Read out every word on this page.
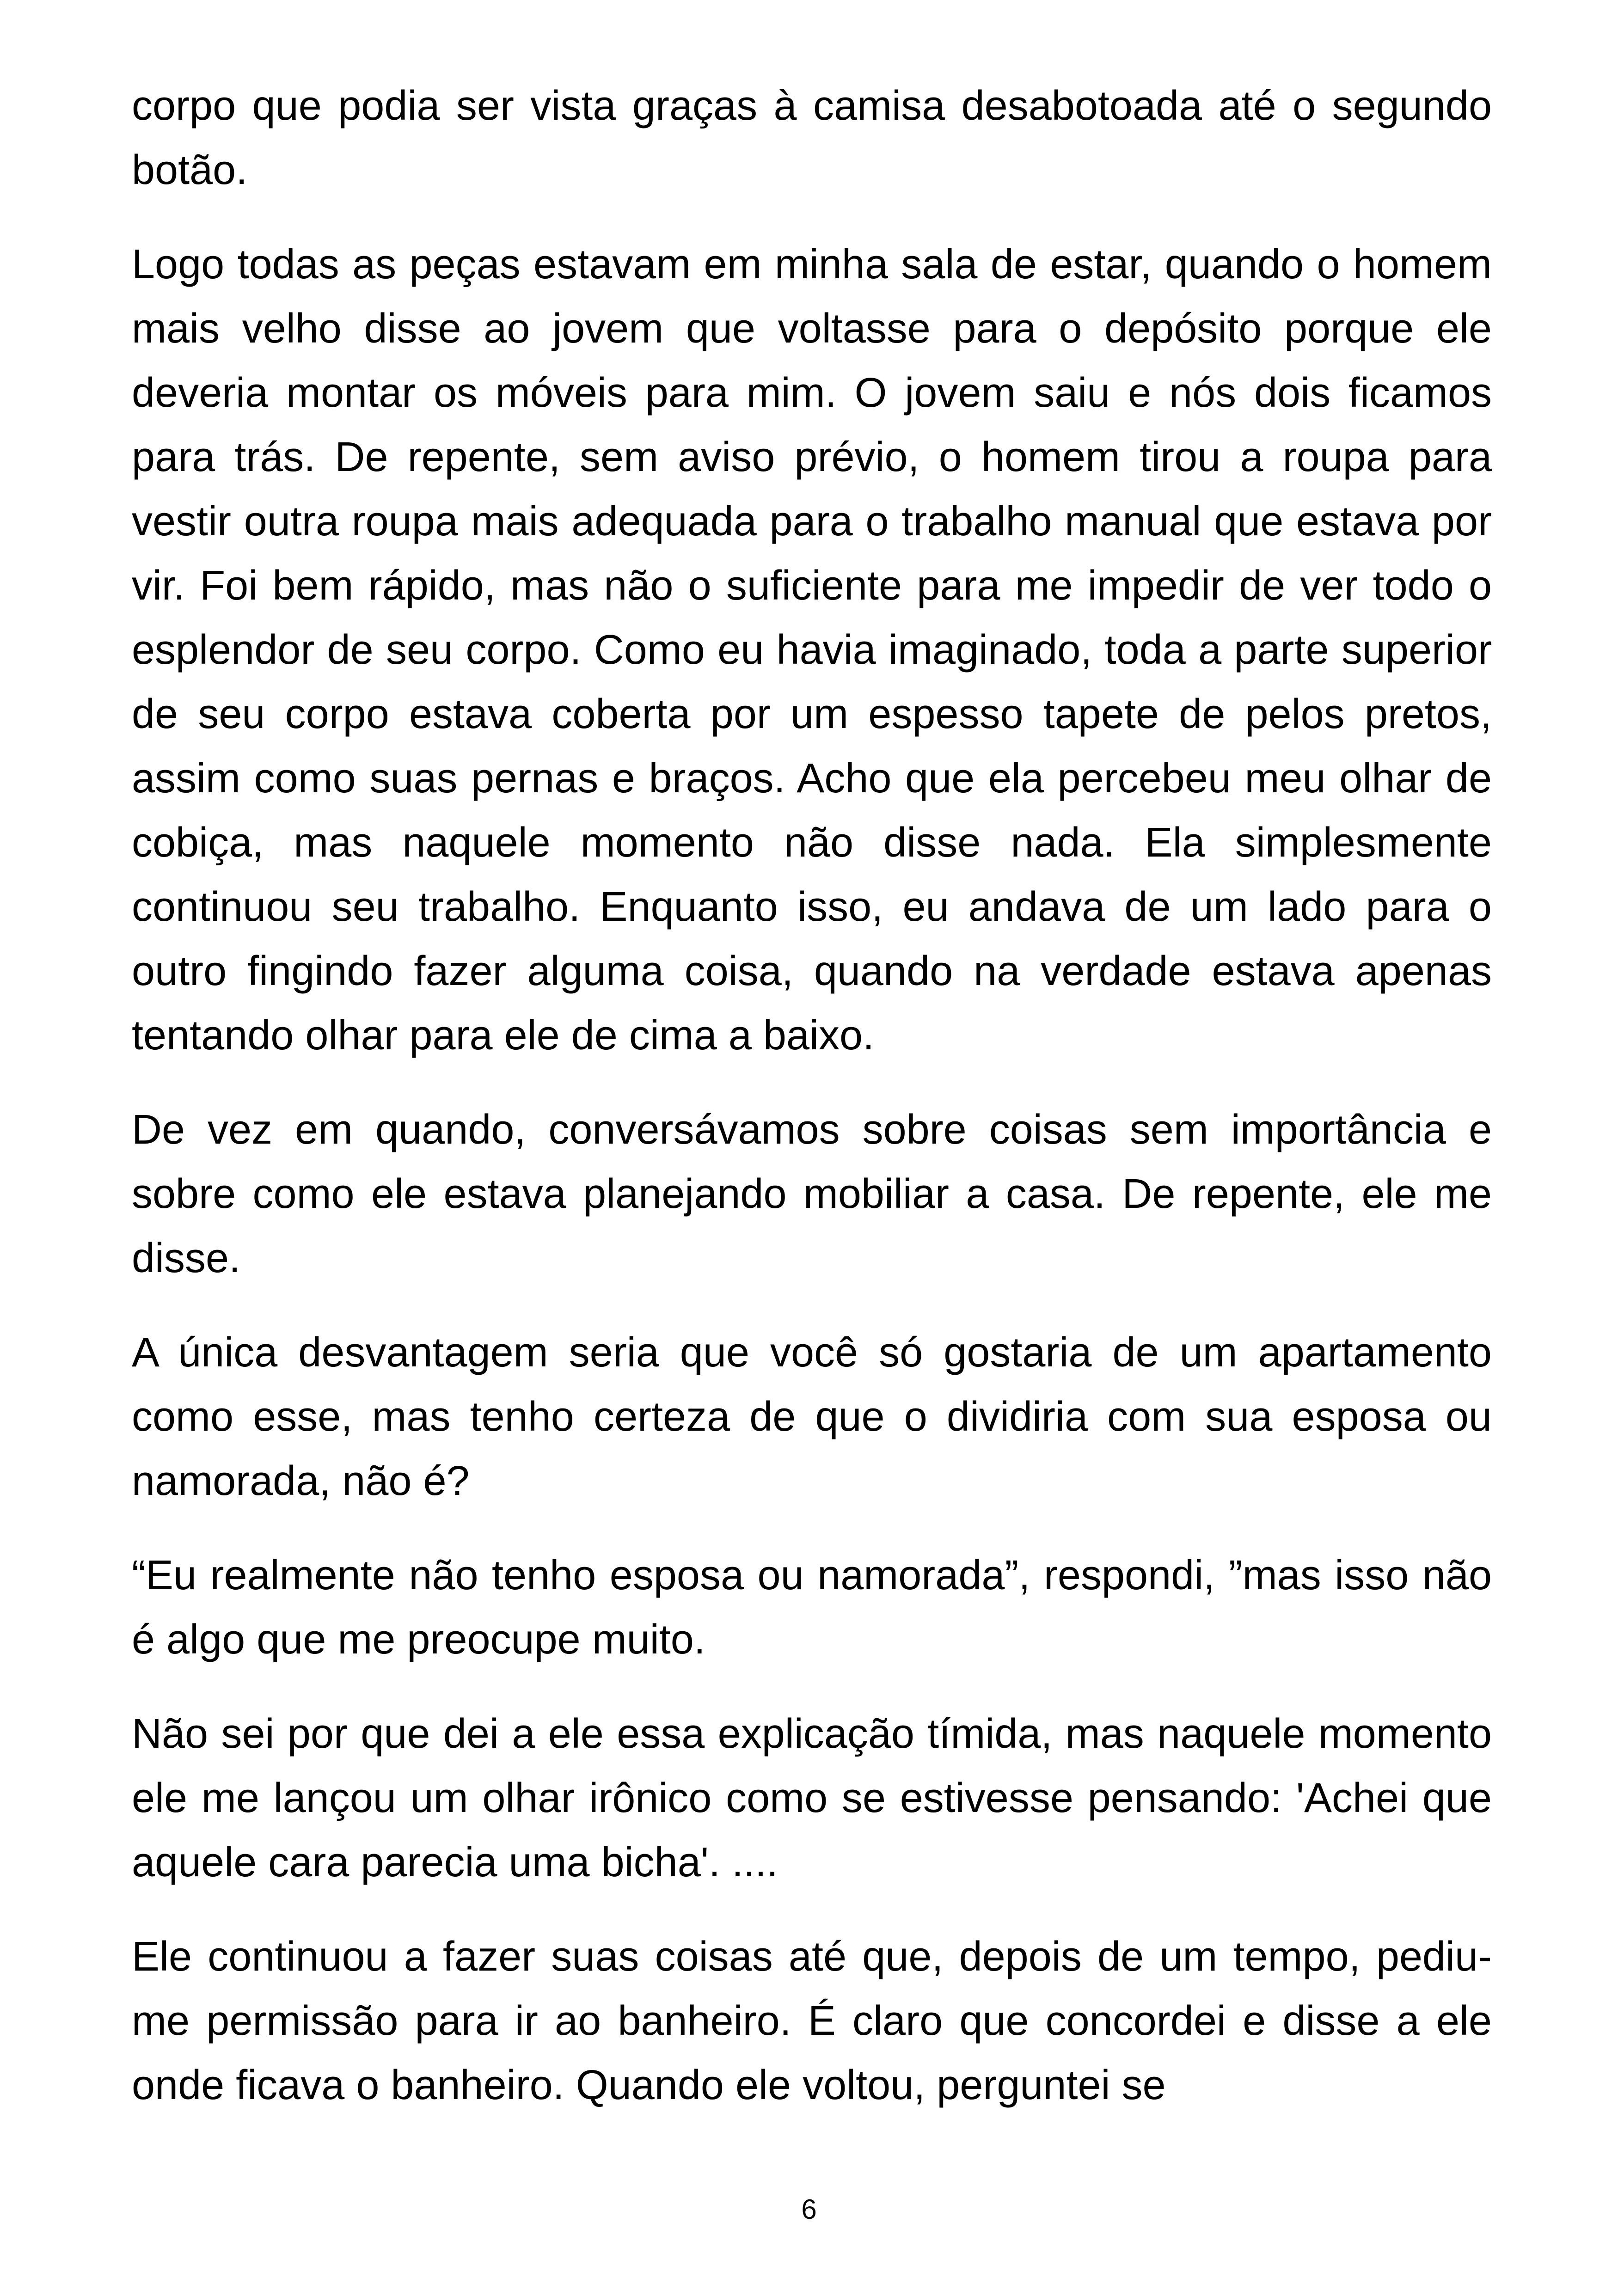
corpo que podia ser vista graças à camisa desabotoada até o segundo botão.

Logo todas as peças estavam em minha sala de estar, quando o homem mais velho disse ao jovem que voltasse para o depósito porque ele deveria montar os móveis para mim. O jovem saiu e nós dois ficamos para trás. De repente, sem aviso prévio, o homem tirou a roupa para vestir outra roupa mais adequada para o trabalho manual que estava por vir. Foi bem rápido, mas não o suficiente para me impedir de ver todo o esplendor de seu corpo. Como eu havia imaginado, toda a parte superior de seu corpo estava coberta por um espesso tapete de pelos pretos, assim como suas pernas e braços. Acho que ela percebeu meu olhar de cobiça, mas naquele momento não disse nada. Ela simplesmente continuou seu trabalho. Enquanto isso, eu andava de um lado para o outro fingindo fazer alguma coisa, quando na verdade estava apenas tentando olhar para ele de cima a baixo.

De vez em quando, conversávamos sobre coisas sem importância e sobre como ele estava planejando mobiliar a casa. De repente, ele me disse.

A única desvantagem seria que você só gostaria de um apartamento como esse, mas tenho certeza de que o dividiria com sua esposa ou namorada, não é?

“Eu realmente não tenho esposa ou namorada”, respondi, ”mas isso não é algo que me preocupe muito.

Não sei por que dei a ele essa explicação tímida, mas naquele momento ele me lançou um olhar irônico como se estivesse pensando: 'Achei que aquele cara parecia uma bicha'. ....

Ele continuou a fazer suas coisas até que, depois de um tempo, pediu-me permissão para ir ao banheiro. É claro que concordei e disse a ele onde ficava o banheiro. Quando ele voltou, perguntei se

6
